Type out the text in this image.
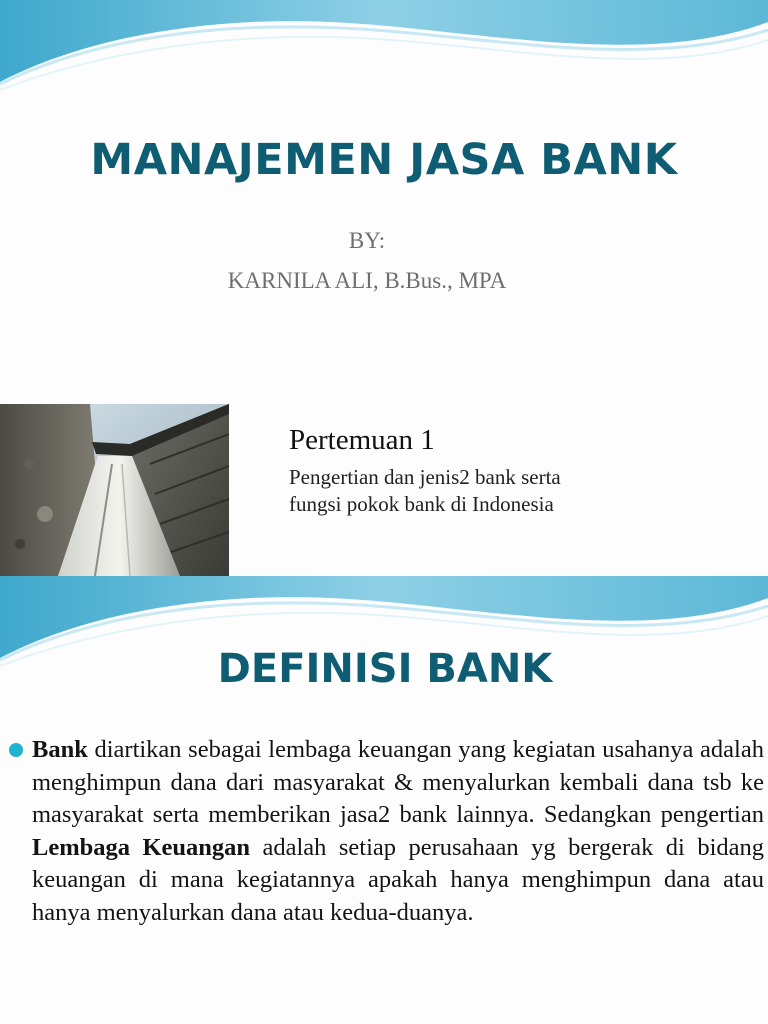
MANAJEMEN JASA BANK

BY:

KARNILA ALI, B.Bus., MPA

Pertemuan 1

Pengertian dan jenis2 bank serta
fungsi pokok bank di Indonesia

DEFINISI BANK

Bank diartikan sebagai lembaga keuangan yang kegiatan usahanya adalah menghimpun dana dari masyarakat & menyalurkan kembali dana tsb ke masyarakat serta memberikan jasa2 bank lainnya. Sedangkan pengertian Lembaga Keuangan adalah setiap perusahaan yg bergerak di bidang keuangan di mana kegiatannya apakah hanya menghimpun dana atau hanya menyalurkan dana atau kedua-duanya.
